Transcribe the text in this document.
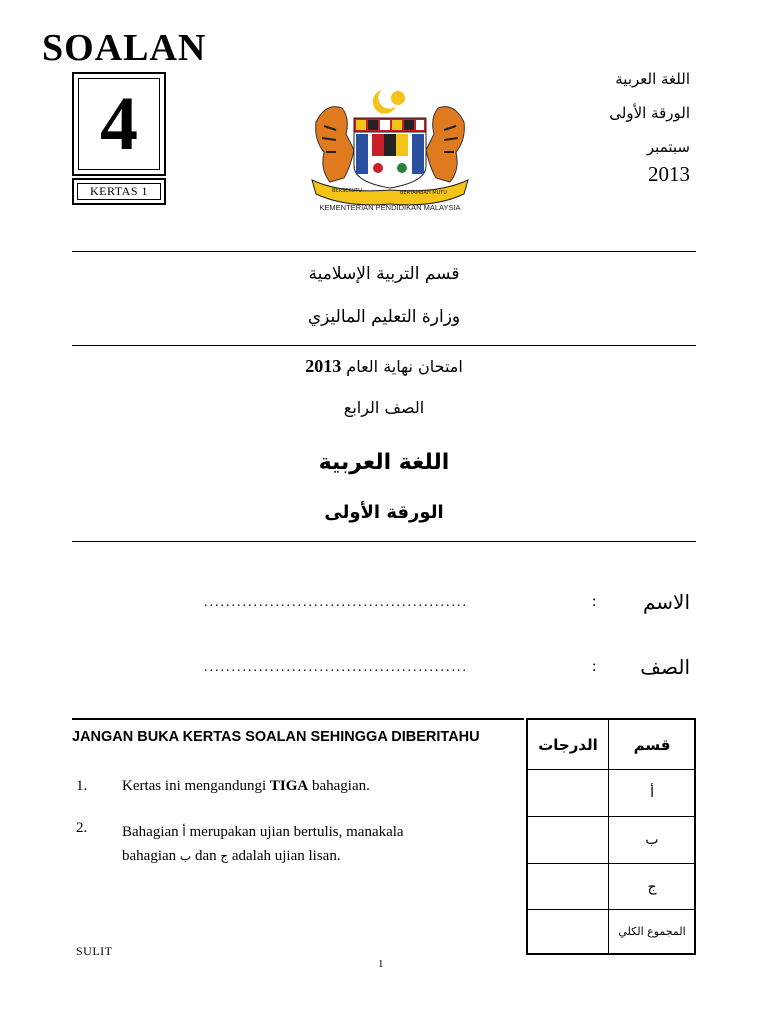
SOALAN
4
KERTAS 1	BERSEKUTU	BERTAMBAH MUTU
KEMENTERIAN PENDIDIKAN MALAYSIA
اللغة العربية
الورقة الأولى
سبتمبر
2013
قسم التربية الإسلامية
وزارة التعليم الماليزي
امتحان نهاية العام 2013
الصف الرابع
اللغة العربية
الورقة الأولى
الاسم
:
................................................
الصف
:
................................................
JANGAN BUKA KERTAS SOALAN SEHINGGA DIBERITAHU
1. Kertas ini mengandungi TIGA bahagian.
2. Bahagian أ merupakan ujian bertulis, manakala
bahagian ب dan ج adalah ujian lisan.
الدرجات	قسم
أ
ب
ج
المجموع الكلي
SULIT
1
